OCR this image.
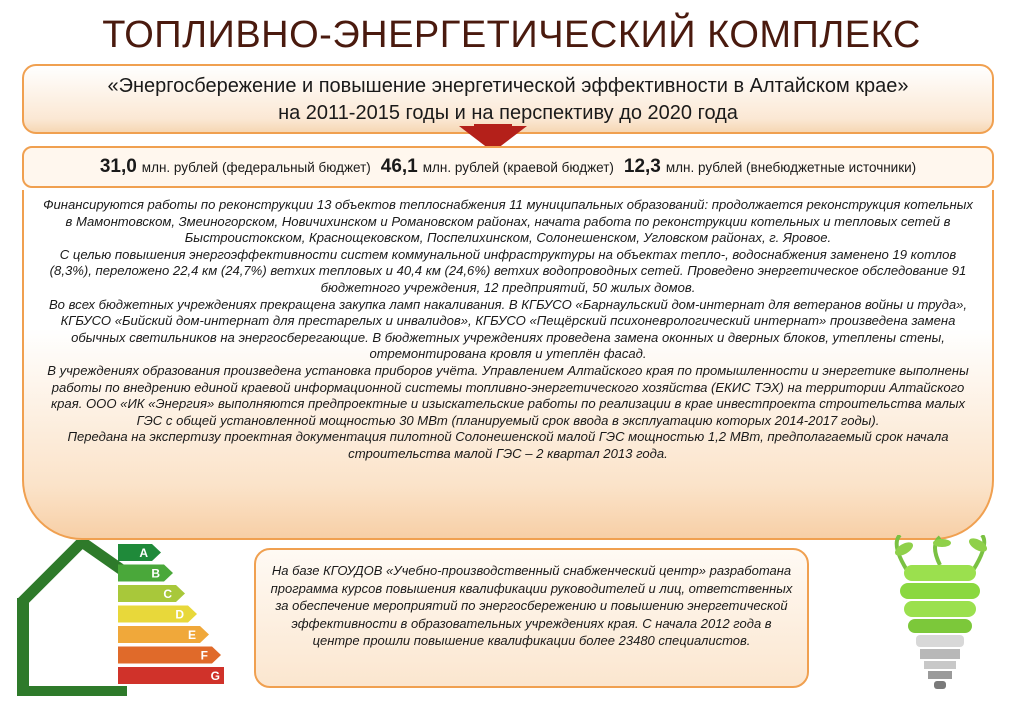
ТОПЛИВНО-ЭНЕРГЕТИЧЕСКИЙ КОМПЛЕКС
«Энергосбережение и повышение энергетической эффективности в Алтайском крае»
на 2011-2015 годы и на перспективу до 2020 года
31,0 млн. рублей (федеральный бюджет) 46,1 млн. рублей (краевой бюджет) 12,3 млн. рублей (внебюджетные источники)

Финансируются работы по реконструкции 13 объектов теплоснабжения 11 муниципальных образований: продолжается реконструкция котельных в Мамонтовском, Змеиногорском, Новичихинском и Романовском районах, начата работа по реконструкции котельных и тепловых сетей в Быстроистокском, Краснощековском, Поспелихинском, Солонешенском, Угловском районах, г. Яровое.

С целью повышения энергоэффективности систем коммунальной инфраструктуры на объектах тепло-, водоснабжения заменено 19 котлов (8,3%), переложено 22,4 км (24,7%) ветхих тепловых и 40,4 км (24,6%) ветхих водопроводных сетей. Проведено энергетическое обследование 91 бюджетного учреждения, 12 предприятий, 50 жилых домов.

Во всех бюджетных учреждениях прекращена закупка ламп накаливания. В КГБУСО «Барнаульский дом-интернат для ветеранов войны и труда», КГБУСО «Бийский дом-интернат для престарелых и инвалидов», КГБУСО «Пещёрский психоневрологический интернат» произведена замена обычных светильников на энергосберегающие. В бюджетных учреждениях проведена замена оконных и дверных блоков, утеплены стены, отремонтирована кровля и утеплён фасад.

В учреждениях образования произведена установка приборов учёта. Управлением Алтайского края по промышленности и энергетике выполнены работы по внедрению единой краевой информационной системы топливно-энергетического хозяйства (ЕКИС ТЭХ) на территории Алтайского края. ООО «ИК «Энергия» выполняются предпроектные и изыскательские работы по реализации в крае инвестпроекта строительства малых ГЭС с общей установленной мощностью 30 МВт (планируемый срок ввода в эксплуатацию которых 2014-2017 годы).

Передана на экспертизу проектная документация пилотной Солонешенской малой ГЭС мощностью 1,2 МВт, предполагаемый срок начала строительства малой ГЭС – 2 квартал 2013 года.

На базе КГОУДОВ «Учебно-производственный снабженческий центр» разработана программа курсов повышения квалификации руководителей и лиц, ответственных за обеспечение мероприятий по энергосбережению и повышению энергетической эффективности в образовательных учреждениях края. С начала 2012 года в центре прошли повышение квалификации более 23480 специалистов.
A
B
C
D
E
F
G
